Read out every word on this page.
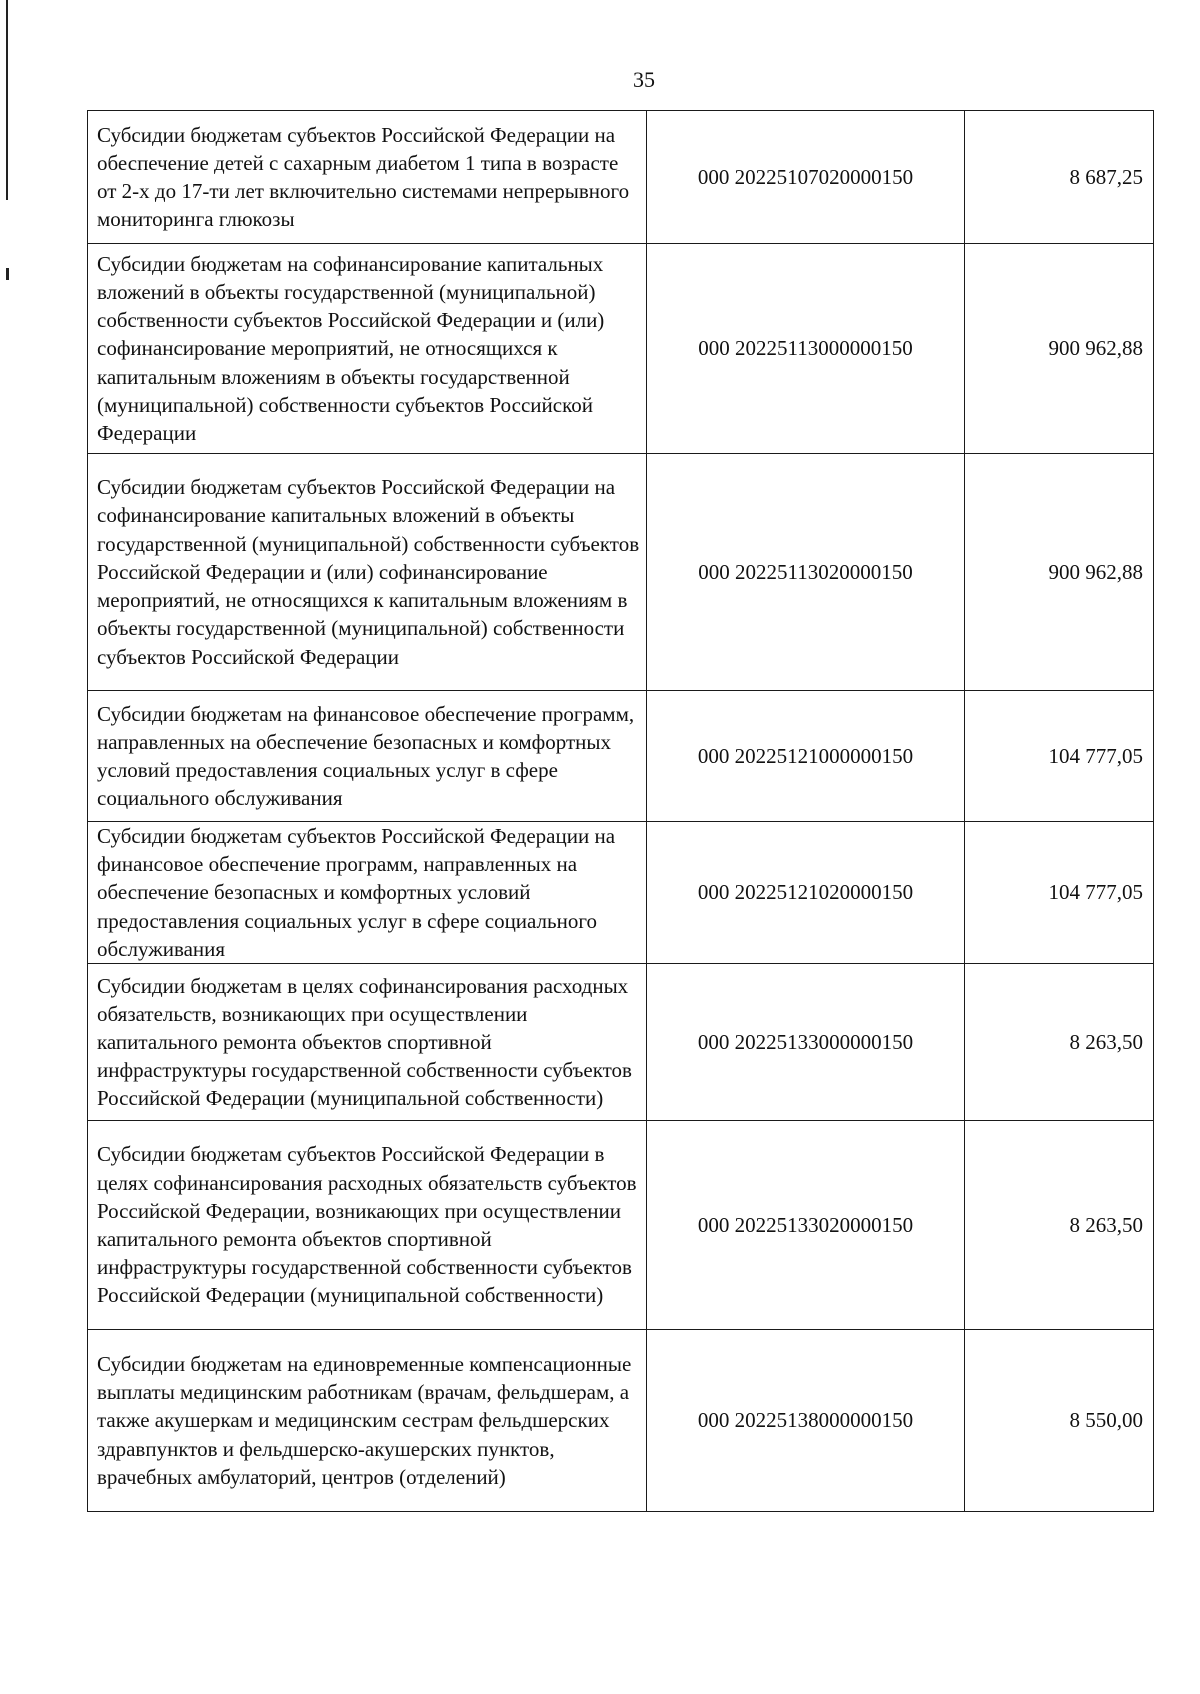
35
Субсидии бюджетам субъектов Российской Федерации на обеспечение детей с сахарным диабетом 1 типа в возрасте от 2-х до 17-ти лет включительно системами непрерывного мониторинга глюкозы	000 20225107020000150	8 687,25
Субсидии бюджетам на софинансирование капитальных вложений в объекты государственной (муниципальной) собственности субъектов Российской Федерации и (или) софинансирование мероприятий, не относящихся к капитальным вложениям в объекты государственной (муниципальной) собственности субъектов Российской Федерации	000 20225113000000150	900 962,88
Субсидии бюджетам субъектов Российской Федерации на софинансирование капитальных вложений в объекты государственной (муниципальной) собственности субъектов Российской Федерации и (или) софинансирование мероприятий, не относящихся к капитальным вложениям в объекты государственной (муниципальной) собственности субъектов Российской Федерации	000 20225113020000150	900 962,88
Субсидии бюджетам на финансовое обеспечение программ, направленных на обеспечение безопасных и комфортных условий предоставления социальных услуг в сфере социального обслуживания	000 20225121000000150	104 777,05
Субсидии бюджетам субъектов Российской Федерации на финансовое обеспечение программ, направленных на обеспечение безопасных и комфортных условий предоставления социальных услуг в сфере социального обслуживания	000 20225121020000150	104 777,05
Субсидии бюджетам в целях софинансирования расходных обязательств, возникающих при осуществлении капитального ремонта объектов спортивной инфраструктуры государственной собственности субъектов Российской Федерации (муниципальной собственности)	000 20225133000000150	8 263,50
Субсидии бюджетам субъектов Российской Федерации в целях софинансирования расходных обязательств субъектов Российской Федерации, возникающих при осуществлении капитального ремонта объектов спортивной инфраструктуры государственной собственности субъектов Российской Федерации (муниципальной собственности)	000 20225133020000150	8 263,50
Субсидии бюджетам на единовременные компенсационные выплаты медицинским работникам (врачам, фельдшерам, а также акушеркам и медицинским сестрам фельдшерских здравпунктов и фельдшерско-акушерских пунктов, врачебных амбулаторий, центров (отделений)	000 20225138000000150	8 550,00
